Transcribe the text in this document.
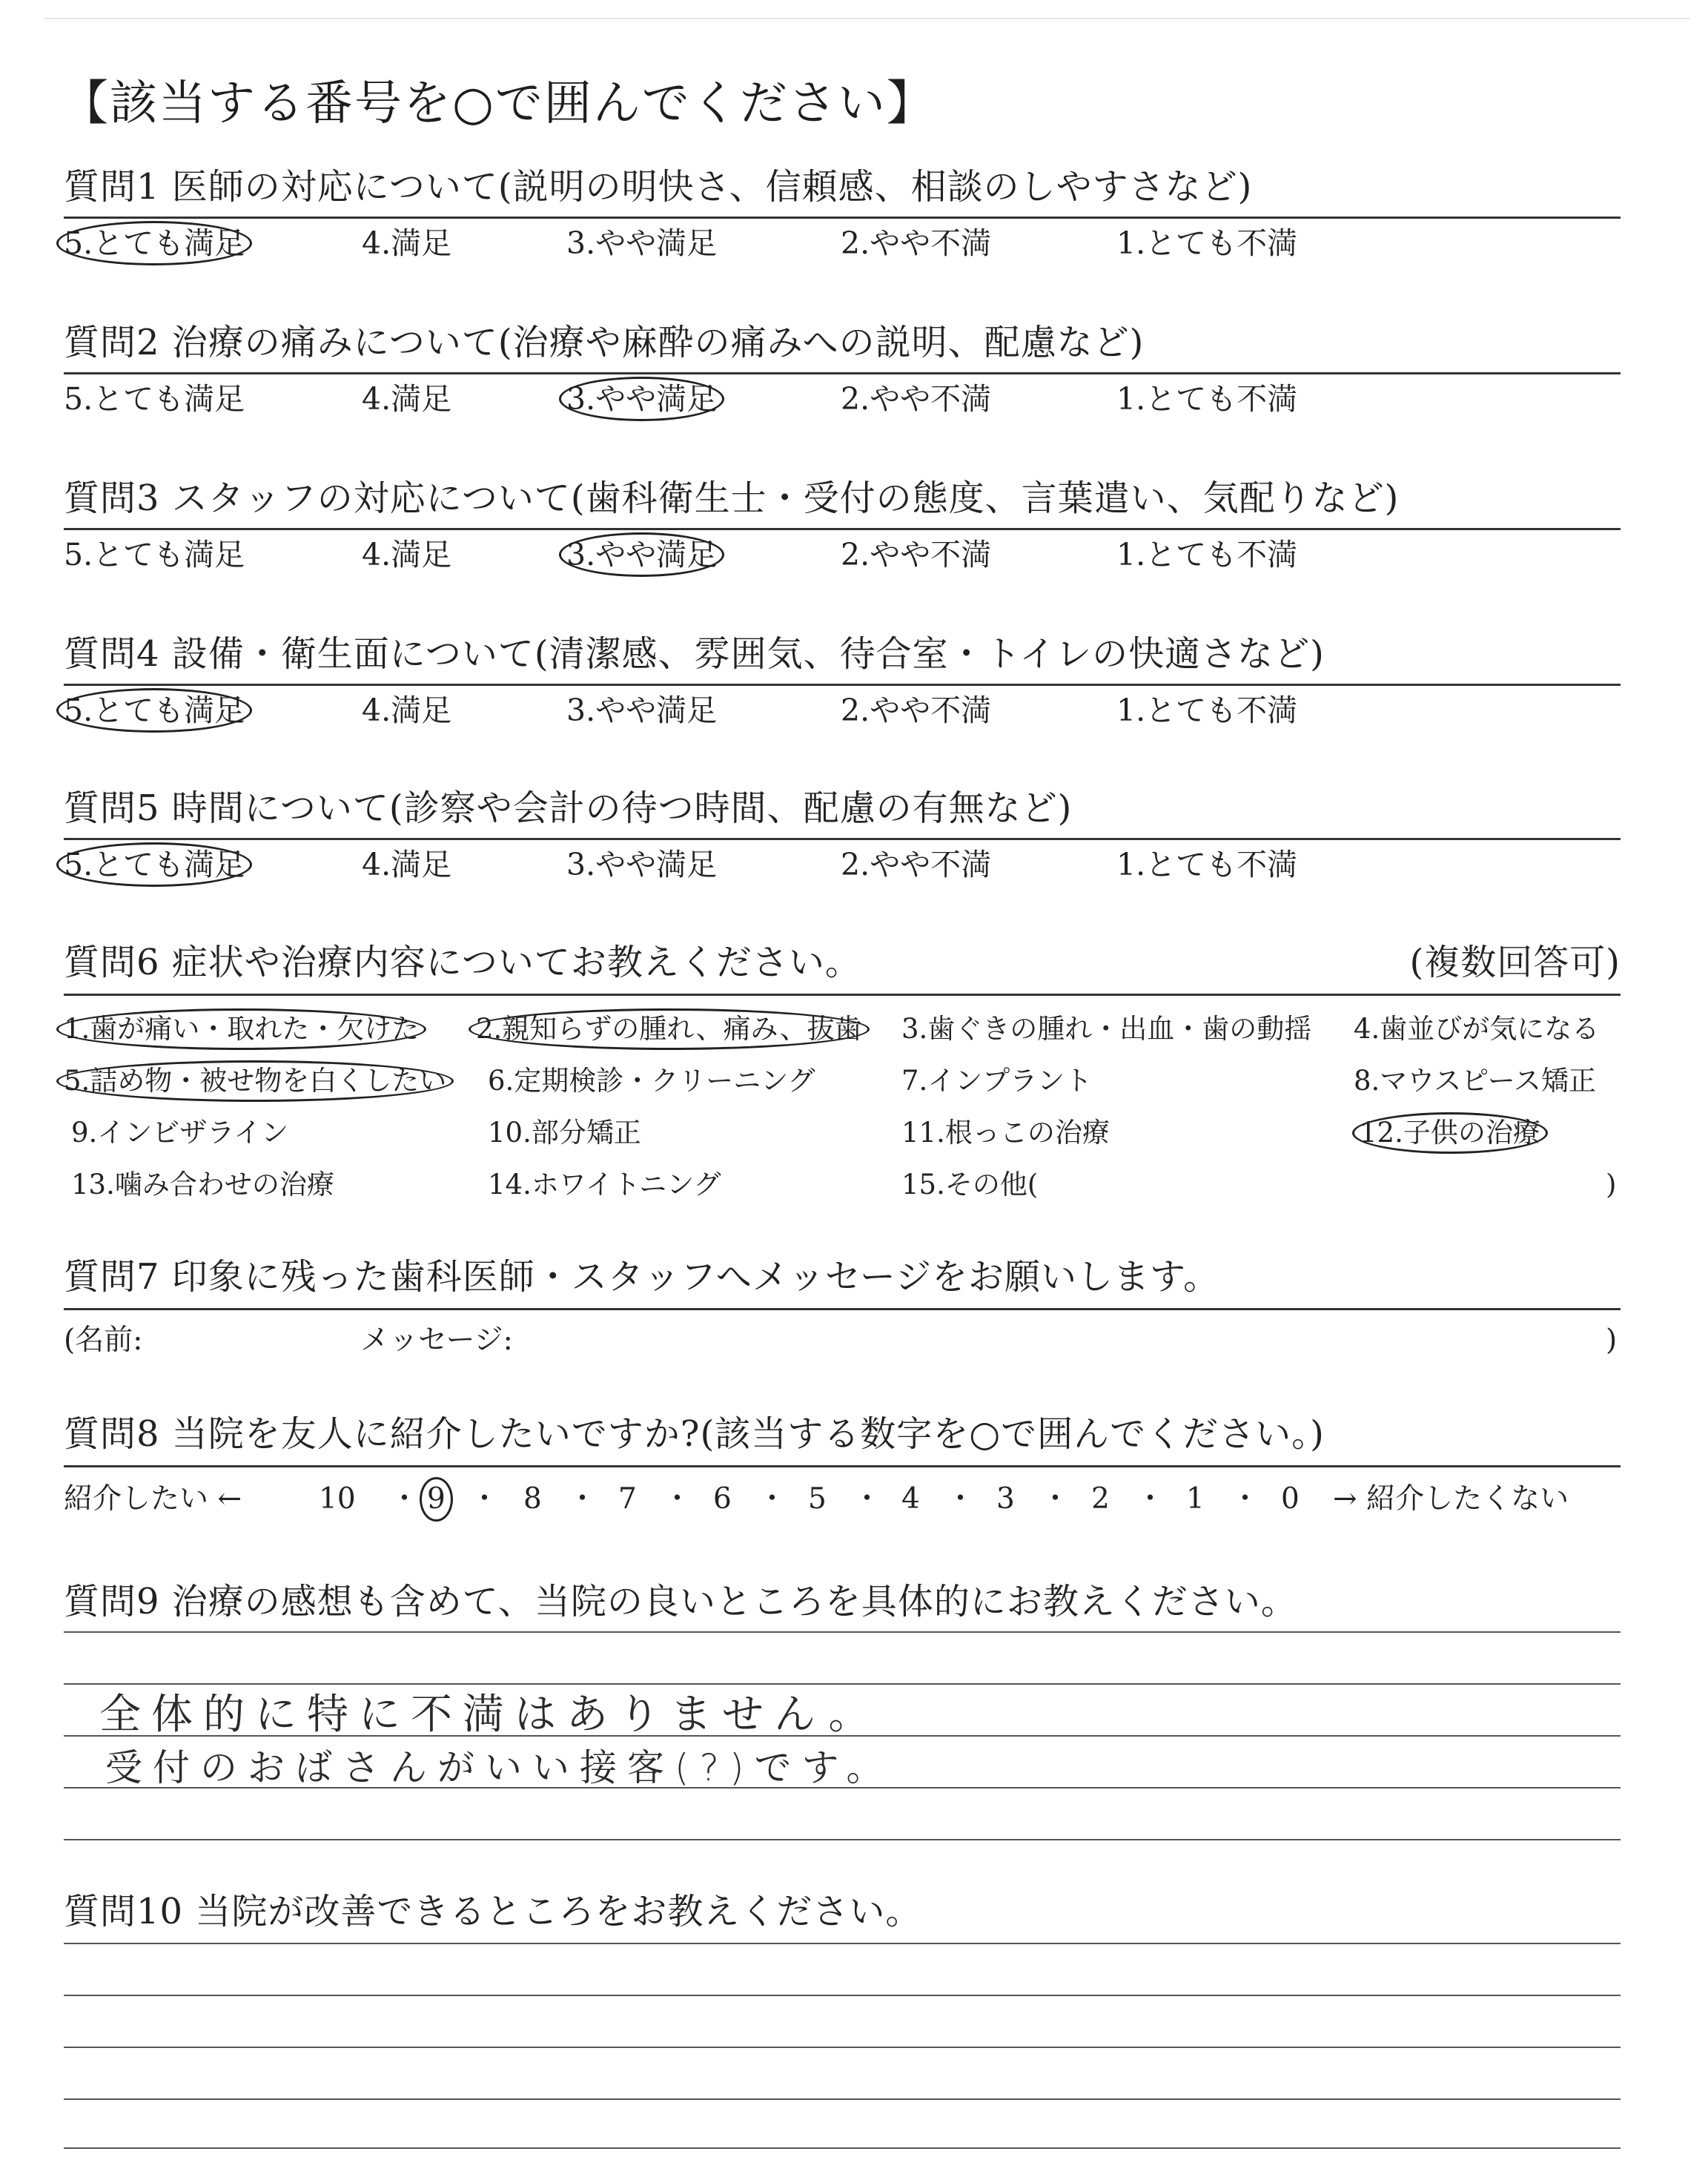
【該当する番号を○で囲んでください】
質問1 医師の対応について(説明の明快さ、信頼感、相談のしやすさなど)
5.とても満足	4.満足	3.やや満足	2.やや不満	1.とても不満
質問2 治療の痛みについて(治療や麻酔の痛みへの説明、配慮など)
5.とても満足	4.満足	3.やや満足	2.やや不満	1.とても不満
質問3 スタッフの対応について(歯科衛生士・受付の態度、言葉遣い、気配りなど)
5.とても満足	4.満足	3.やや満足	2.やや不満	1.とても不満
質問4 設備・衛生面について(清潔感、雰囲気、待合室・トイレの快適さなど)
5.とても満足	4.満足	3.やや満足	2.やや不満	1.とても不満
質問5 時間について(診察や会計の待つ時間、配慮の有無など)
5.とても満足	4.満足	3.やや満足	2.やや不満	1.とても不満
質問6 症状や治療内容についてお教えください。	(複数回答可)
1.歯が痛い・取れた・欠けた 2.親知らずの腫れ、痛み、抜歯 3.歯ぐきの腫れ・出血・歯の動揺 4.歯並びが気になる
5.詰め物・被せ物を白くしたい 6.定期検診・クリーニング	7.インプラント	8.マウスピース矯正
9.インビザライン	10.部分矯正	11.根っこの治療	12.子供の治療
13.噛み合わせの治療	14.ホワイトニング	15.その他(	)
質問7 印象に残った歯科医師・スタッフへメッセージをお願いします。
(名前:	メッセージ:	)
質問8 当院を友人に紹介したいですか?(該当する数字を○で囲んでください。)
紹介したい ←	10 ・ 9 ・ 8 ・ 7 ・ 6 ・ 5 ・ 4 ・ 3 ・ 2 ・ 1 ・ 0 → 紹介したくない
質問9 治療の感想も含めて、当院の良いところを具体的にお教えください。
全体的に特に不満はありません。
受付のおばさんがいい接客(?)です。
質問10 当院が改善できるところをお教えください。
